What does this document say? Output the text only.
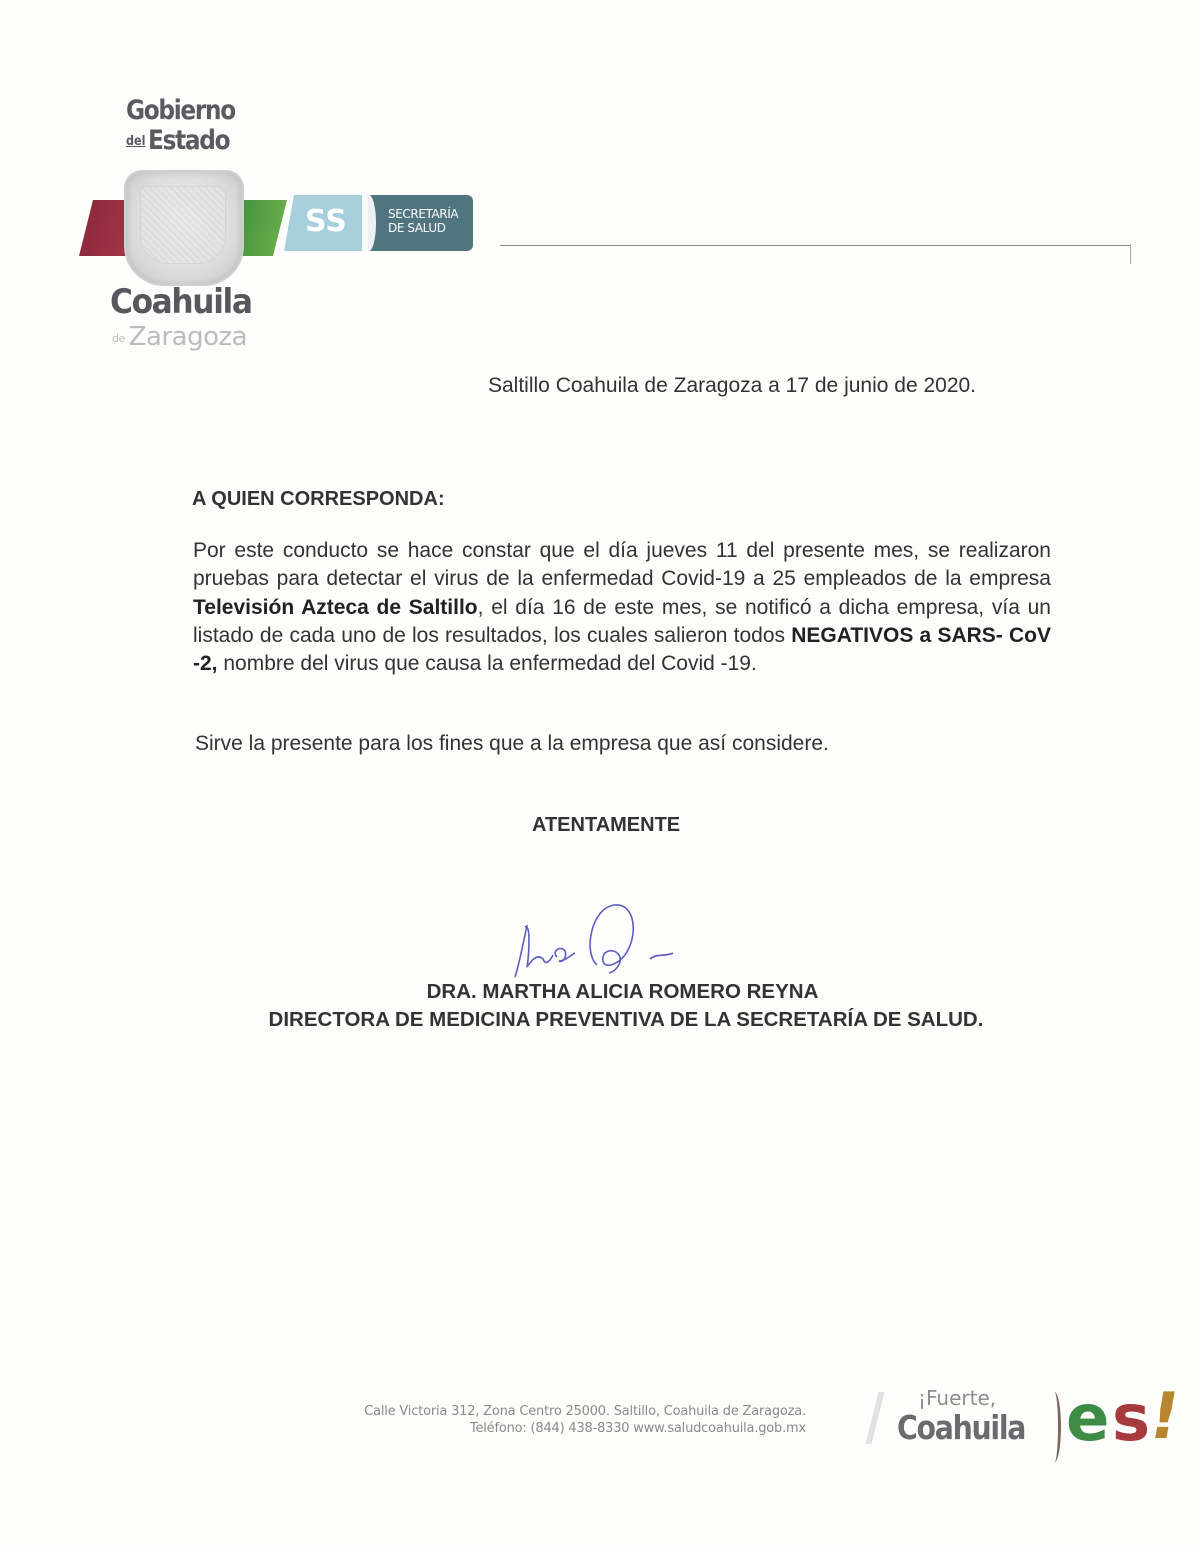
Gobierno
delEstado
Coahuila
de Zaragoza
SS	SECRETARÍA
DE SALUD
Saltillo Coahuila de Zaragoza a 17 de junio de 2020.
A QUIEN CORRESPONDA:
Por este conducto se hace constar que el día jueves 11 del presente mes, se realizaron pruebas para detectar el virus de la enfermedad Covid-19 a 25 empleados de la empresa Televisión Azteca de Saltillo, el día 16 de este mes, se notificó a dicha empresa, vía un listado de cada uno de los resultados, los cuales salieron todos NEGATIVOS a SARS- CoV -2, nombre del virus que causa la enfermedad del Covid -19.
Sirve la presente para los fines que a la empresa que así considere.
ATENTAMENTE
DRA. MARTHA ALICIA ROMERO REYNA
DIRECTORA DE MEDICINA PREVENTIVA DE LA SECRETARÍA DE SALUD.
Calle Victoria 312, Zona Centro 25000. Saltillo, Coahuila de Zaragoza.
Teléfono: (844) 438-8330 www.saludcoahuila.gob.mx
¡Fuerte,
Coahuila e s
!
